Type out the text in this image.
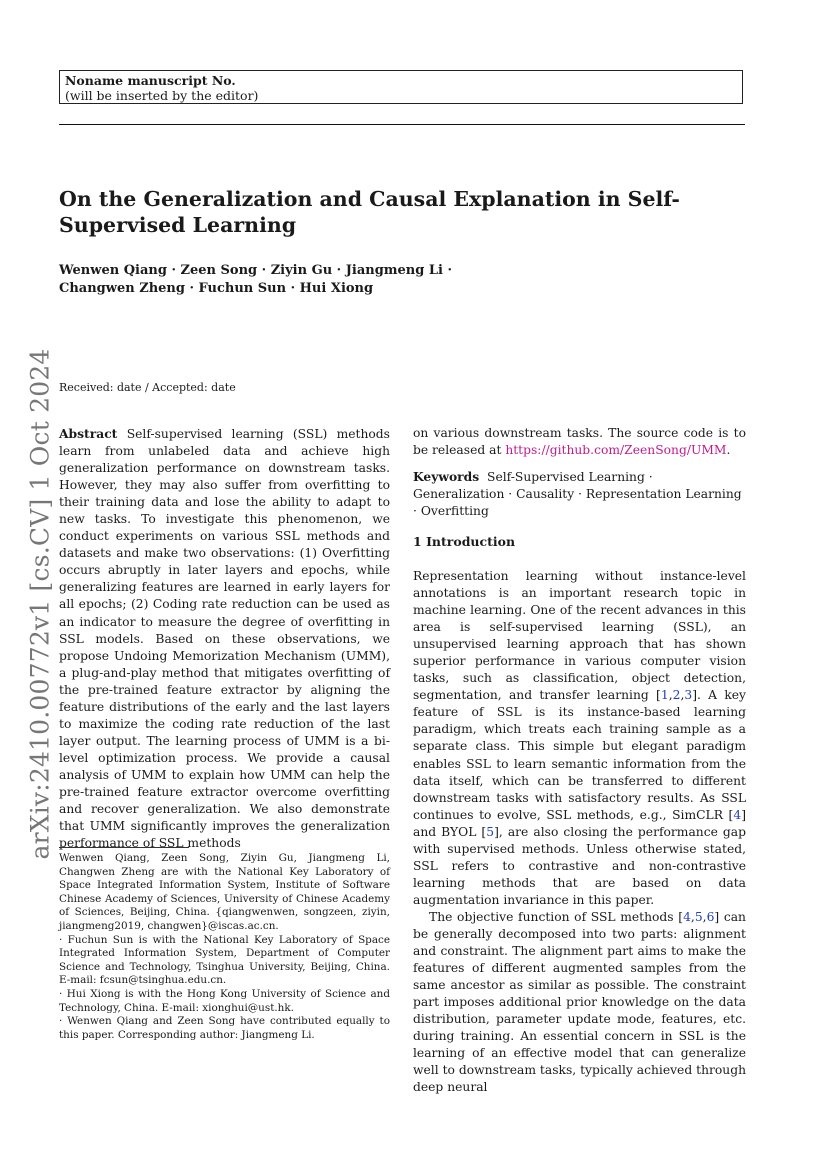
Noname manuscript No.
(will be inserted by the editor)
On the Generalization and Causal Explanation in Self-Supervised Learning
Wenwen Qiang · Zeen Song · Ziyin Gu · Jiangmeng Li ·
Changwen Zheng · Fuchun Sun · Hui Xiong
arXiv:2410.00772v1 [cs.CV] 1 Oct 2024 Received: date / Accepted: date

Abstract Self-supervised learning (SSL) methods learn from unlabeled data and achieve high generalization performance on downstream tasks. However, they may also suffer from overfitting to their training data and lose the ability to adapt to new tasks. To investigate this phenomenon, we conduct experiments on various SSL methods and datasets and make two observations: (1) Overfitting occurs abruptly in later layers and epochs, while generalizing features are learned in early layers for all epochs; (2) Coding rate reduction can be used as an indicator to measure the degree of overfitting in SSL models. Based on these observations, we propose Undoing Memorization Mechanism (UMM), a plug-and-play method that mitigates overfitting of the pre-trained feature extractor by aligning the feature distributions of the early and the last layers to maximize the coding rate reduction of the last layer output. The learning process of UMM is a bi-level optimization process. We provide a causal analysis of UMM to explain how UMM can help the pre-trained feature extractor overcome overfitting and recover generalization. We also demonstrate that UMM significantly improves the generalization performance of SSL methods

on various downstream tasks. The source code is to be released at https://github.com/ZeenSong/UMM.

Keywords Self-Supervised Learning · Generalization · Causality · Representation Learning · Overfitting

1 Introduction

Representation learning without instance-level annotations is an important research topic in machine learning. One of the recent advances in this area is self-supervised learning (SSL), an unsupervised learning approach that has shown superior performance in various computer vision tasks, such as classification, object detection, segmentation, and transfer learning [1,2,3]. A key feature of SSL is its instance-based learning paradigm, which treats each training sample as a separate class. This simple but elegant paradigm enables SSL to learn semantic information from the data itself, which can be transferred to different downstream tasks with satisfactory results. As SSL continues to evolve, SSL methods, e.g., SimCLR [4] and BYOL [5], are also closing the performance gap with supervised methods. Unless otherwise stated, SSL refers to contrastive and non-contrastive learning methods that are based on data augmentation invariance in this paper.

The objective function of SSL methods [4,5,6] can be generally decomposed into two parts: alignment and constraint. The alignment part aims to make the features of different augmented samples from the same ancestor as similar as possible. The constraint part imposes additional prior knowledge on the data distribution, parameter update mode, features, etc. during training. An essential concern in SSL is the learning of an effective model that can generalize well to downstream tasks, typically achieved through deep neural

Wenwen Qiang, Zeen Song, Ziyin Gu, Jiangmeng Li, Changwen Zheng are with the National Key Laboratory of Space Integrated Information System, Institute of Software Chinese Academy of Sciences, University of Chinese Academy of Sciences, Beijing, China. {qiangwenwen, songzeen, ziyin, jiangmeng2019, changwen}@iscas.ac.cn.

· Fuchun Sun is with the National Key Laboratory of Space Integrated Information System, Department of Computer Science and Technology, Tsinghua University, Beijing, China. E-mail: fcsun@tsinghua.edu.cn.

· Hui Xiong is with the Hong Kong University of Science and Technology, China. E-mail: xionghui@ust.hk.

· Wenwen Qiang and Zeen Song have contributed equally to this paper. Corresponding author: Jiangmeng Li.
